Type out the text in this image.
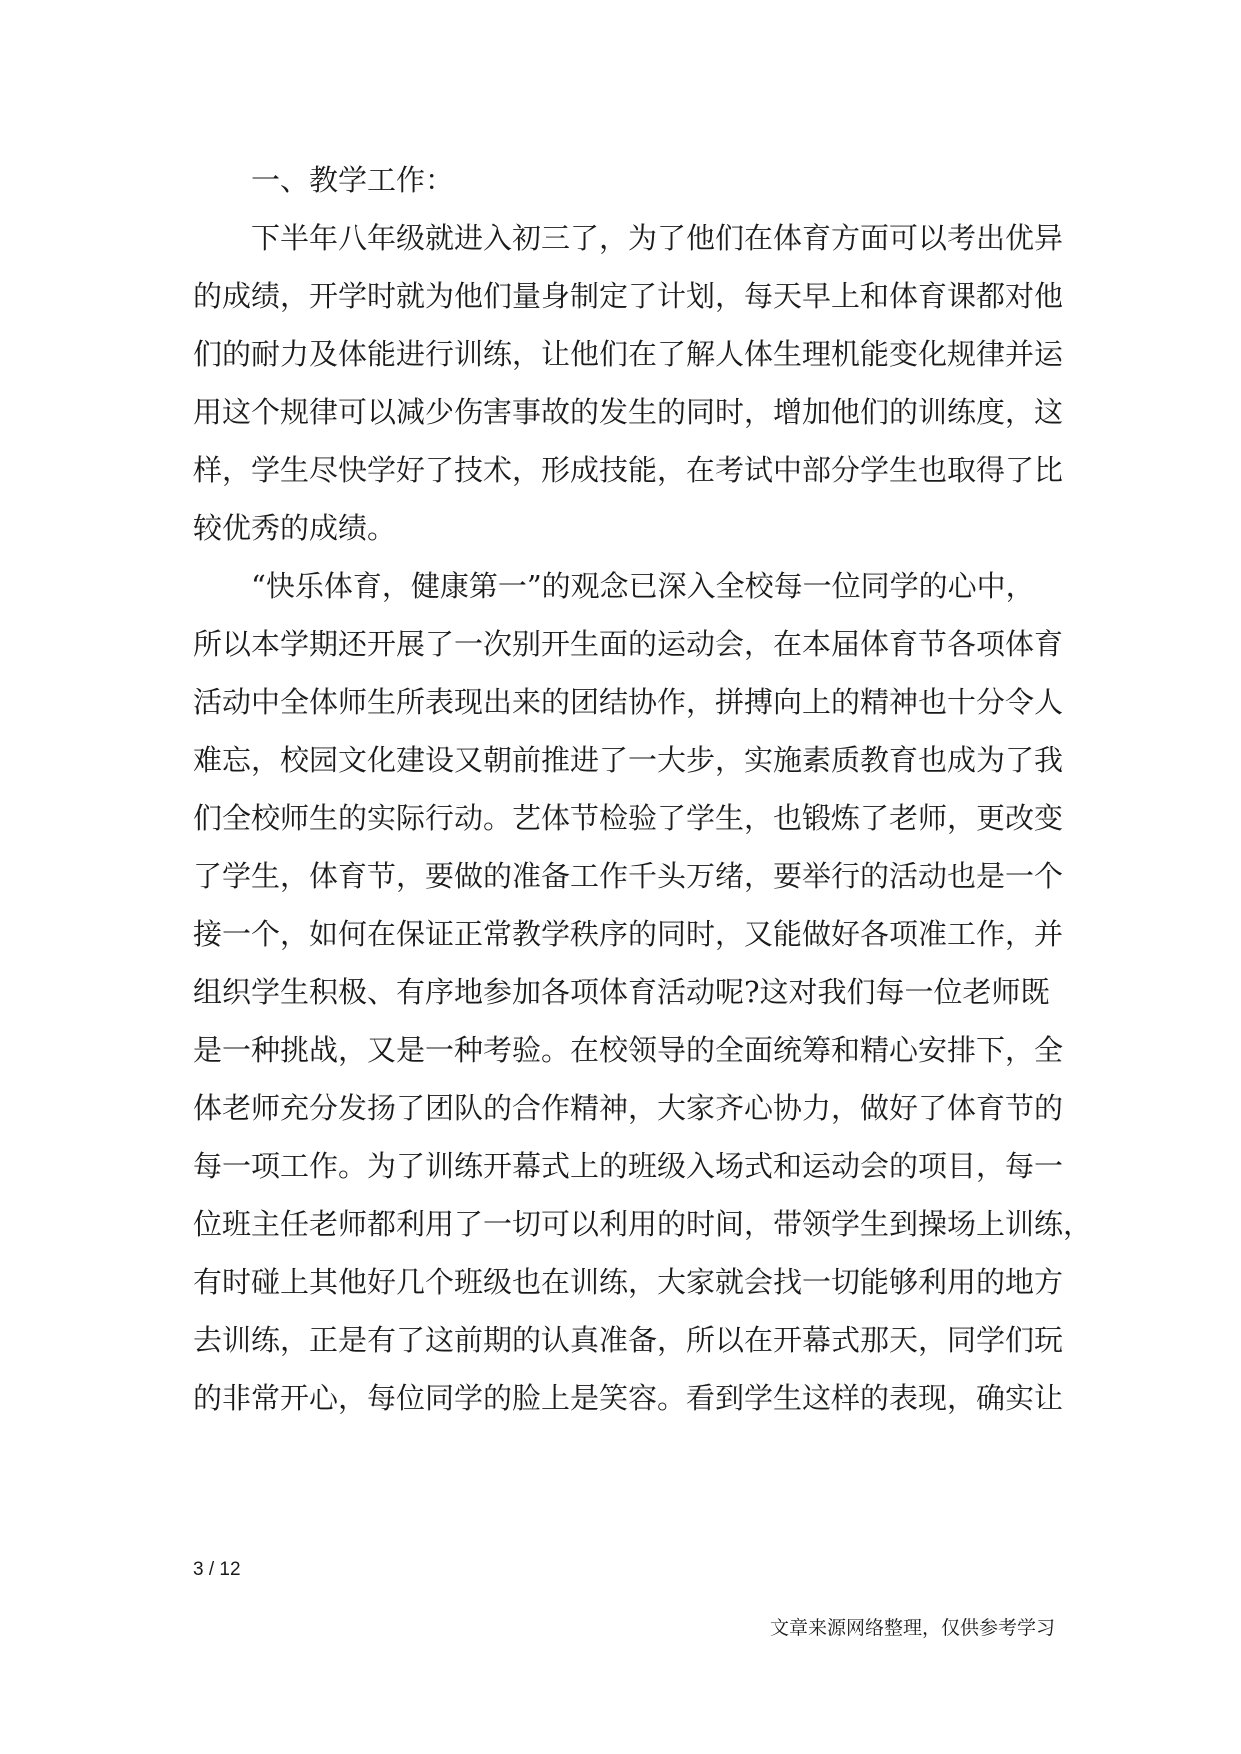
　　一、教学工作：
　　下半年八年级就进入初三了，为了他们在体育方面可以考出优异
的成绩，开学时就为他们量身制定了计划，每天早上和体育课都对他
们的耐力及体能进行训练，让他们在了解人体生理机能变化规律并运
用这个规律可以减少伤害事故的发生的同时，增加他们的训练度，这
样，学生尽快学好了技术，形成技能，在考试中部分学生也取得了比
较优秀的成绩。
　　“快乐体育，健康第一”的观念已深入全校每一位同学的心中，
所以本学期还开展了一次别开生面的运动会，在本届体育节各项体育
活动中全体师生所表现出来的团结协作，拼搏向上的精神也十分令人
难忘，校园文化建设又朝前推进了一大步，实施素质教育也成为了我
们全校师生的实际行动。艺体节检验了学生，也锻炼了老师，更改变
了学生，体育节，要做的准备工作千头万绪，要举行的活动也是一个
接一个，如何在保证正常教学秩序的同时，又能做好各项准工作，并
组织学生积极、有序地参加各项体育活动呢?这对我们每一位老师既
是一种挑战，又是一种考验。在校领导的全面统筹和精心安排下，全
体老师充分发扬了团队的合作精神，大家齐心协力，做好了体育节的
每一项工作。为了训练开幕式上的班级入场式和运动会的项目，每一
位班主任老师都利用了一切可以利用的时间，带领学生到操场上训练，
有时碰上其他好几个班级也在训练，大家就会找一切能够利用的地方
去训练，正是有了这前期的认真准备，所以在开幕式那天，同学们玩
的非常开心，每位同学的脸上是笑容。看到学生这样的表现，确实让
3 / 12
文章来源网络整理，仅供参考学习
